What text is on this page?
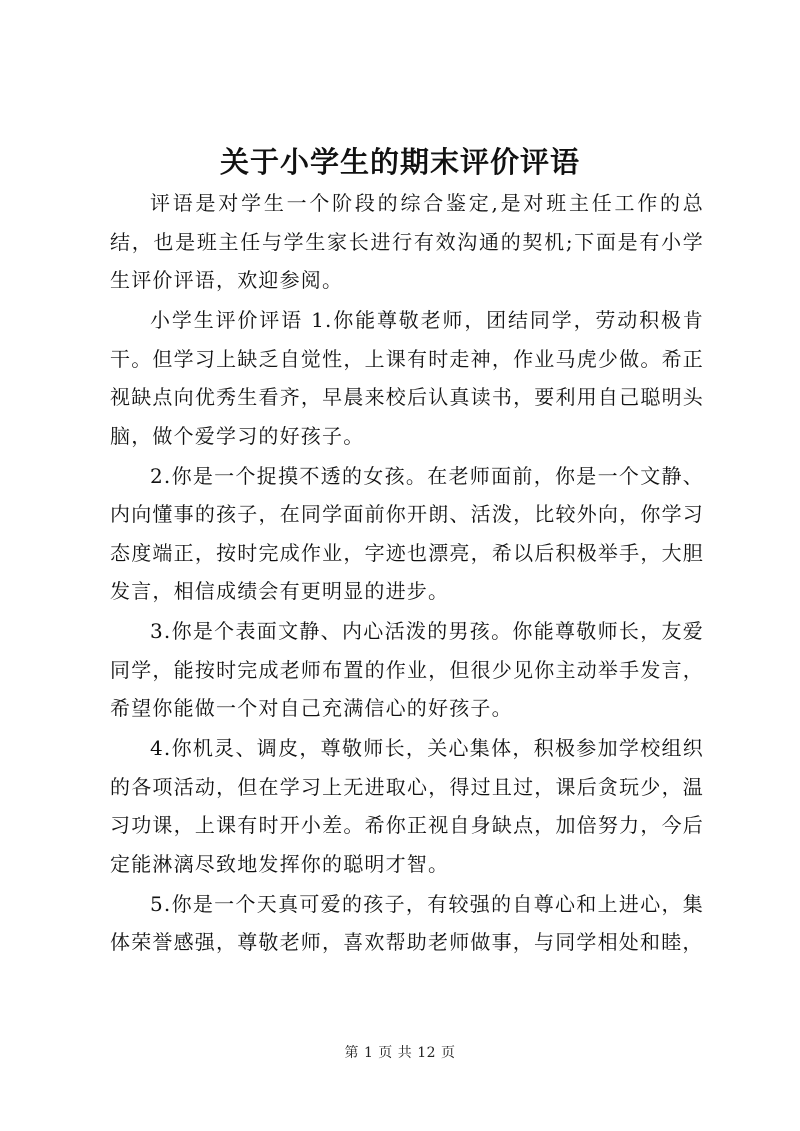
关于小学生的期末评价评语

评语是对学生一个阶段的综合鉴定,是对班主任工作的总结，也是班主任与学生家长进行有效沟通的契机;下面是有小学生评价评语，欢迎参阅。

小学生评价评语 1.你能尊敬老师，团结同学，劳动积极肯干。但学习上缺乏自觉性，上课有时走神，作业马虎少做。希正视缺点向优秀生看齐，早晨来校后认真读书，要利用自己聪明头脑，做个爱学习的好孩子。

2.你是一个捉摸不透的女孩。在老师面前，你是一个文静、内向懂事的孩子，在同学面前你开朗、活泼，比较外向，你学习态度端正，按时完成作业，字迹也漂亮，希以后积极举手，大胆发言，相信成绩会有更明显的进步。

3.你是个表面文静、内心活泼的男孩。你能尊敬师长，友爱同学，能按时完成老师布置的作业，但很少见你主动举手发言，希望你能做一个对自己充满信心的好孩子。

4.你机灵、调皮，尊敬师长，关心集体，积极参加学校组织的各项活动，但在学习上无进取心，得过且过，课后贪玩少，温习功课，上课有时开小差。希你正视自身缺点，加倍努力，今后定能淋漓尽致地发挥你的聪明才智。

5.你是一个天真可爱的孩子，有较强的自尊心和上进心，集体荣誉感强，尊敬老师，喜欢帮助老师做事，与同学相处和睦，

第 1 页 共 12 页
